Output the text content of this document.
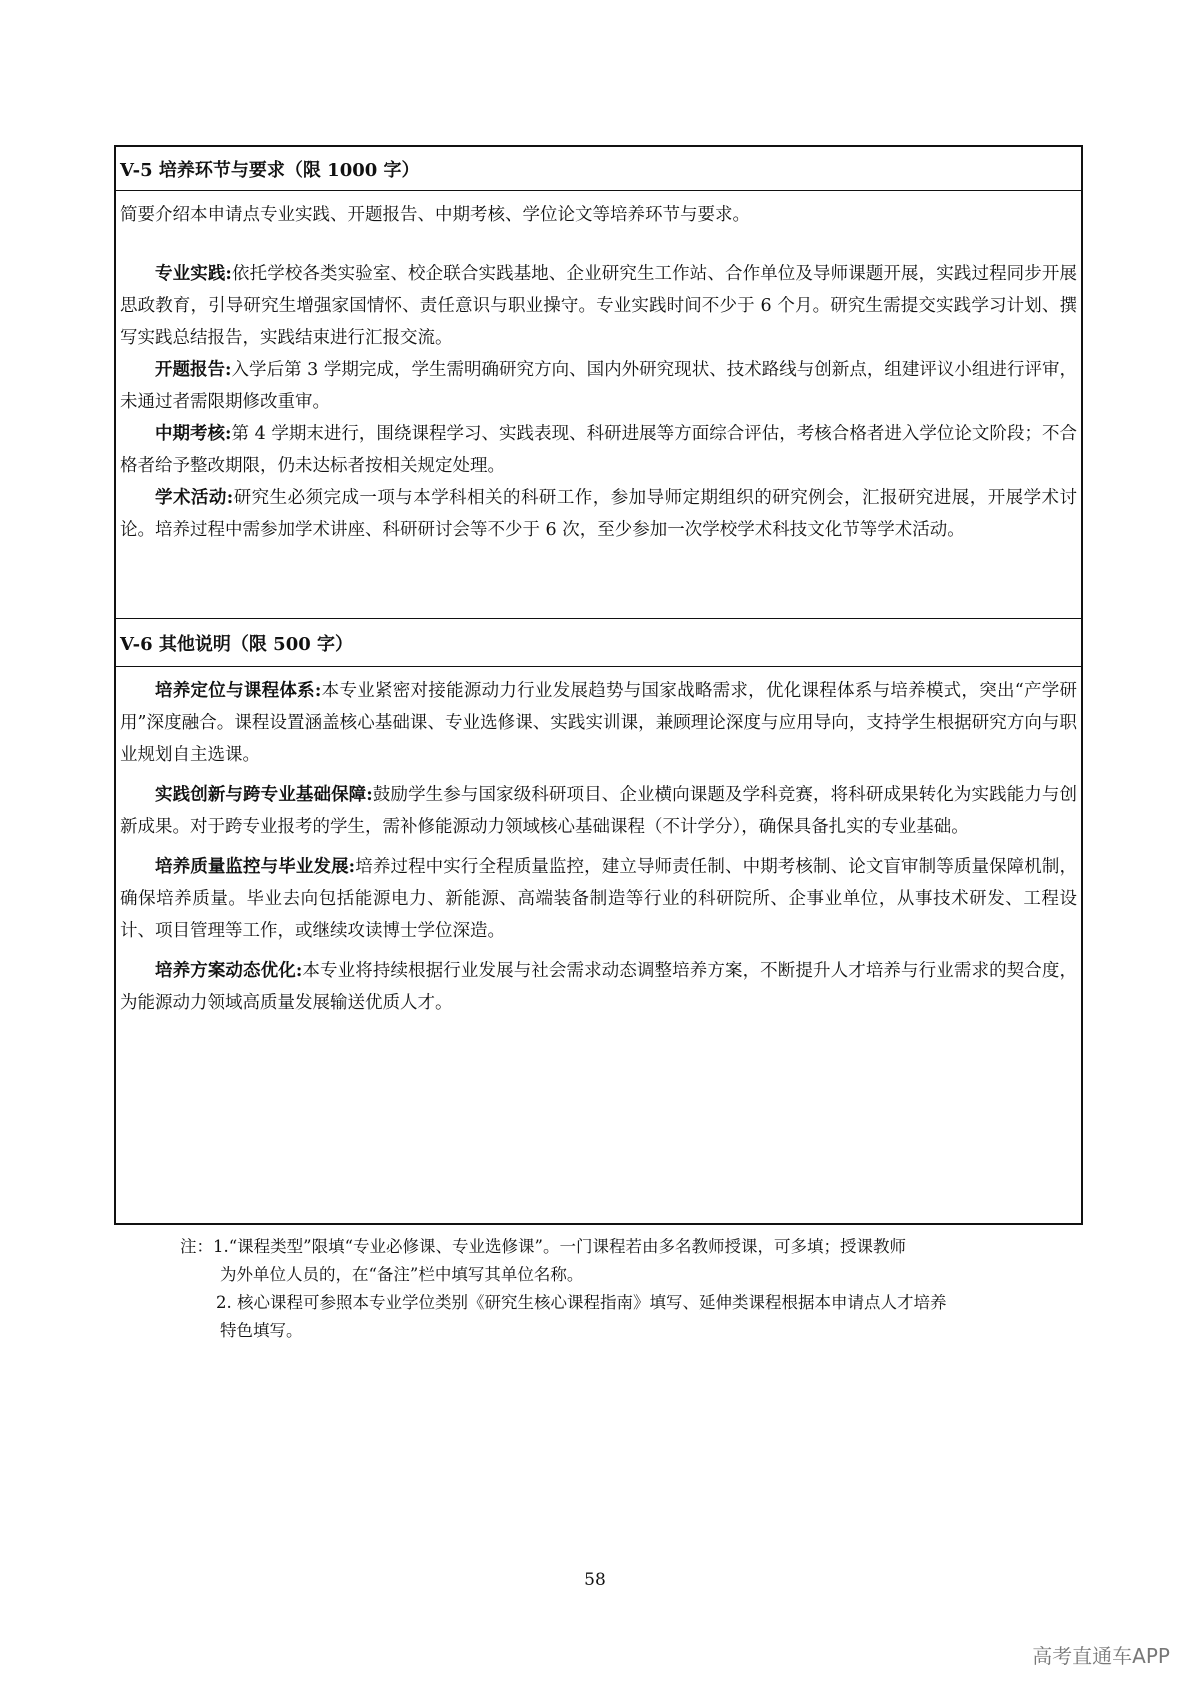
V-5 培养环节与要求（限 1000 字）

简要介绍本申请点专业实践、开题报告、中期考核、学位论文等培养环节与要求。

专业实践:依托学校各类实验室、校企联合实践基地、企业研究生工作站、合作单位及导师课题开展，实践过程同步开展思政教育，引导研究生增强家国情怀、责任意识与职业操守。专业实践时间不少于 6 个月。研究生需提交实践学习计划、撰写实践总结报告，实践结束进行汇报交流。

开题报告:入学后第 3 学期完成，学生需明确研究方向、国内外研究现状、技术路线与创新点，组建评议小组进行评审，未通过者需限期修改重审。

中期考核:第 4 学期末进行，围绕课程学习、实践表现、科研进展等方面综合评估，考核合格者进入学位论文阶段；不合格者给予整改期限，仍未达标者按相关规定处理。

学术活动:研究生必须完成一项与本学科相关的科研工作，参加导师定期组织的研究例会，汇报研究进展，开展学术讨论。培养过程中需参加学术讲座、科研研讨会等不少于 6 次，至少参加一次学校学术科技文化节等学术活动。

V-6 其他说明（限 500 字）

培养定位与课程体系:本专业紧密对接能源动力行业发展趋势与国家战略需求，优化课程体系与培养模式，突出“产学研用”深度融合。课程设置涵盖核心基础课、专业选修课、实践实训课，兼顾理论深度与应用导向，支持学生根据研究方向与职业规划自主选课。

实践创新与跨专业基础保障:鼓励学生参与国家级科研项目、企业横向课题及学科竞赛，将科研成果转化为实践能力与创新成果。对于跨专业报考的学生，需补修能源动力领域核心基础课程（不计学分），确保具备扎实的专业基础。

培养质量监控与毕业发展:培养过程中实行全程质量监控，建立导师责任制、中期考核制、论文盲审制等质量保障机制，确保培养质量。毕业去向包括能源电力、新能源、高端装备制造等行业的科研院所、企事业单位，从事技术研发、工程设计、项目管理等工作，或继续攻读博士学位深造。

培养方案动态优化:本专业将持续根据行业发展与社会需求动态调整培养方案，不断提升人才培养与行业需求的契合度，为能源动力领域高质量发展输送优质人才。

注：1.“课程类型”限填“专业必修课、专业选修课”。一门课程若由多名教师授课，可多填；授课教师
为外单位人员的，在“备注”栏中填写其单位名称。
2. 核心课程可参照本专业学位类别《研究生核心课程指南》填写、延伸类课程根据本申请点人才培养
特色填写。
58
高考直通车APP
